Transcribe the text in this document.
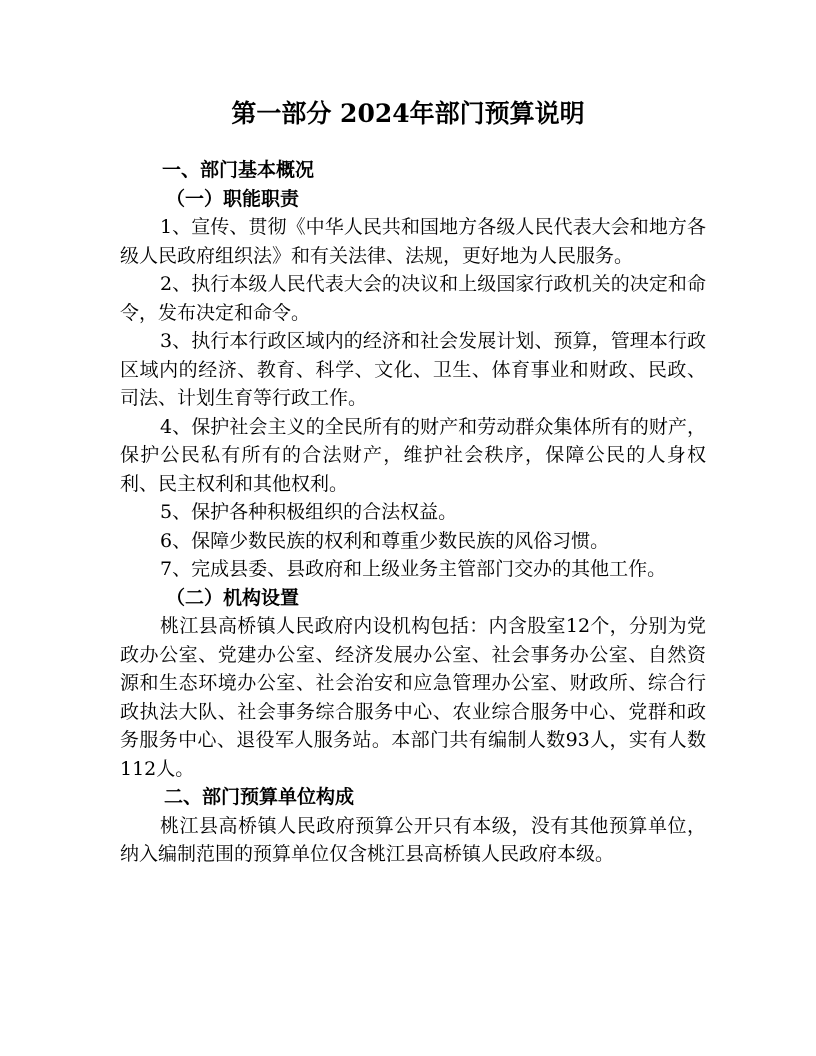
第一部分 2024年部门预算说明

一、部门基本概况

（一）职能职责

1、宣传、贯彻《中华人民共和国地方各级人民代表大会和地方各级人民政府组织法》和有关法律、法规，更好地为人民服务。

2、执行本级人民代表大会的决议和上级国家行政机关的决定和命令，发布决定和命令。

3、执行本行政区域内的经济和社会发展计划、预算，管理本行政区域内的经济、教育、科学、文化、卫生、体育事业和财政、民政、司法、计划生育等行政工作。

4、保护社会主义的全民所有的财产和劳动群众集体所有的财产，保护公民私有所有的合法财产，维护社会秩序，保障公民的人身权利、民主权利和其他权利。

5、保护各种积极组织的合法权益。

6、保障少数民族的权利和尊重少数民族的风俗习惯。

7、完成县委、县政府和上级业务主管部门交办的其他工作。

（二）机构设置

桃江县高桥镇人民政府内设机构包括：内含股室12个，分别为党政办公室、党建办公室、经济发展办公室、社会事务办公室、自然资源和生态环境办公室、社会治安和应急管理办公室、财政所、综合行政执法大队、社会事务综合服务中心、农业综合服务中心、党群和政务服务中心、退役军人服务站。本部门共有编制人数93人，实有人数112人。

二、部门预算单位构成

桃江县高桥镇人民政府预算公开只有本级，没有其他预算单位，纳入编制范围的预算单位仅含桃江县高桥镇人民政府本级。
